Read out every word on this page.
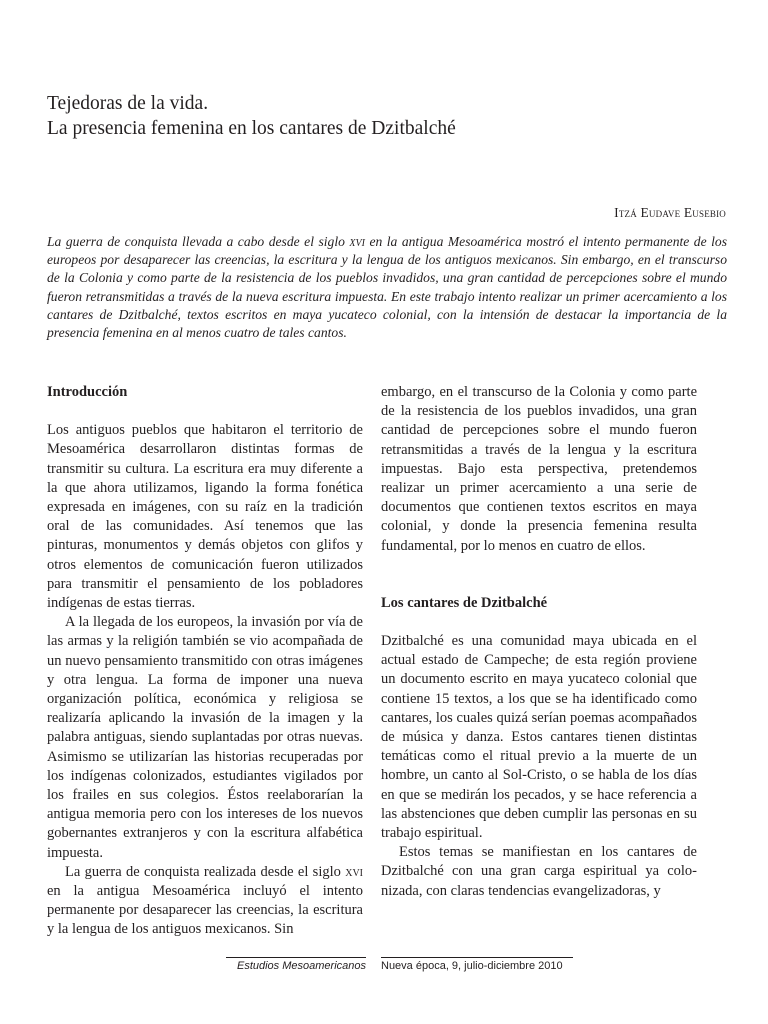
Tejedoras de la vida.
La presencia femenina en los cantares de Dzitbalché
Itzá Eudave Eusebio

La guerra de conquista llevada a cabo desde el siglo xvi en la antigua Mesoamérica mostró el intento permanente de los europeos por desaparecer las creencias, la escritura y la lengua de los antiguos mexicanos. Sin embargo, en el transcurso de la Colonia y como parte de la resistencia de los pueblos invadidos, una gran cantidad de percepciones sobre el mundo fueron retransmitidas a través de la nueva escritura impuesta. En este trabajo intento realizar un primer acercamiento a los cantares de Dzitbalché, textos escritos en maya yucateco colonial, con la intensión de destacar la importancia de la presencia femenina en al menos cuatro de tales cantos.

Introducción

Los antiguos pueblos que habitaron el territorio de Mesoamérica desarrollaron distintas formas de transmitir su cultura. La escritura era muy diferente a la que ahora utilizamos, ligando la forma fonética expresada en imágenes, con su raíz en la tradición oral de las comunidades. Así tenemos que las pinturas, monumentos y demás objetos con glifos y otros elementos de comunicación fueron utilizados para transmitir el pensamiento de los pobladores indígenas de estas tierras.

A la llegada de los europeos, la invasión por vía de las armas y la religión también se vio acompañada de un nuevo pensamiento transmitido con otras imágenes y otra lengua. La forma de imponer una nueva organización política, económica y religiosa se realizaría aplicando la invasión de la imagen y la palabra antiguas, siendo suplantadas por otras nuevas. Asimismo se utilizarían las historias recuperadas por los indígenas colonizados, estudiantes vigilados por los frailes en sus colegios. Éstos reelaborarían la antigua memoria pero con los intereses de los nuevos gobernantes extranjeros y con la escritura alfabética impuesta.

La guerra de conquista realizada desde el siglo xvi en la antigua Mesoamérica incluyó el intento permanente por desaparecer las creencias, la escritura y la lengua de los antiguos mexicanos. Sin

embargo, en el transcurso de la Colonia y como parte de la resistencia de los pueblos invadidos, una gran cantidad de percepciones sobre el mundo fueron retransmitidas a través de la lengua y la escritura impuestas. Bajo esta perspectiva, pretendemos realizar un primer acercamiento a una serie de documentos que contienen textos escritos en maya colonial, y donde la presencia femenina resulta fundamental, por lo menos en cuatro de ellos.

Los cantares de Dzitbalché

Dzitbalché es una comunidad maya ubicada en el actual estado de Campeche; de esta región proviene un documento escrito en maya yucateco colonial que contiene 15 textos, a los que se ha identificado como cantares, los cuales quizá serían poemas acompañados de música y danza. Estos cantares tienen distintas temáticas como el ritual previo a la muerte de un hombre, un canto al Sol-Cristo, o se habla de los días en que se medirán los pecados, y se hace referencia a las abstenciones que deben cumplir las personas en su trabajo espiritual.

Estos temas se manifiestan en los cantares de Dzitbalché con una gran carga espiritual ya colonizada, con claras tendencias evangelizadoras, y

Estudios Mesoamericanos Nueva época, 9, julio-diciembre 2010
